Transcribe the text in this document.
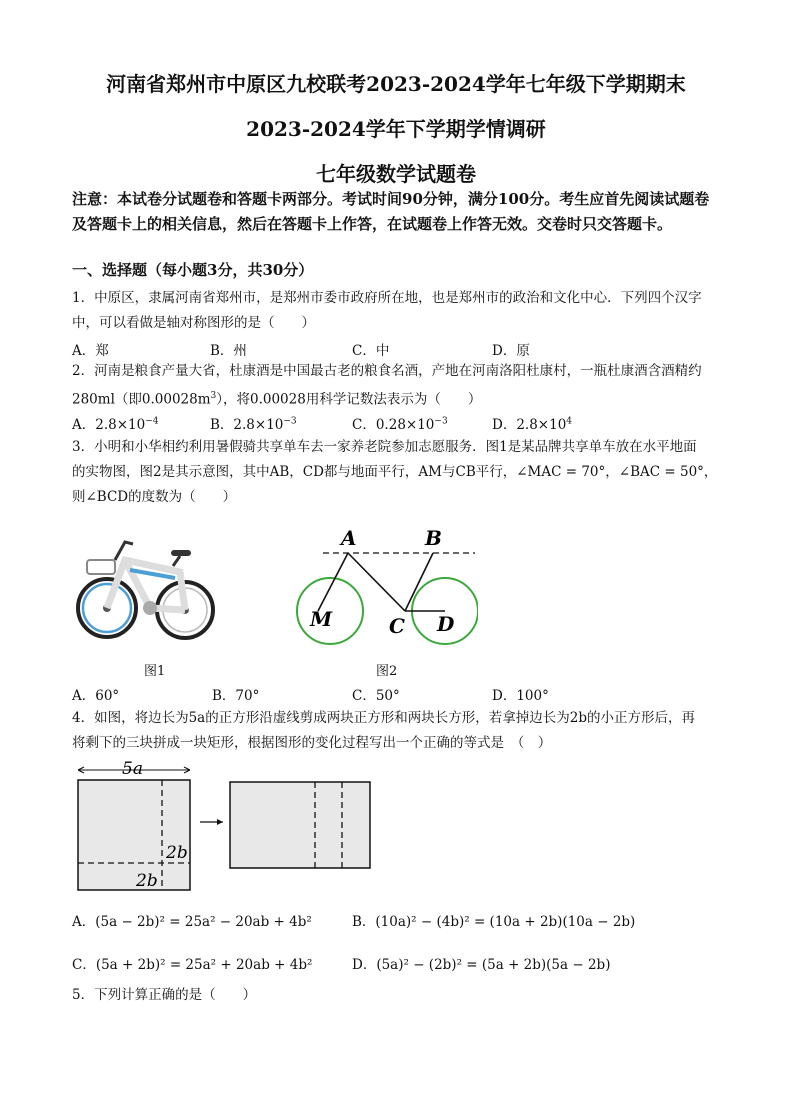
河南省郑州市中原区九校联考2023-2024学年七年级下学期期末
2023-2024学年下学期学情调研
七年级数学试题卷
注意：本试卷分试题卷和答题卡两部分。考试时间90分钟，满分100分。考生应首先阅读试题卷及答题卡上的相关信息，然后在答题卡上作答，在试题卷上作答无效。交卷时只交答题卡。
一、选择题（每小题3分，共30分）
1．中原区，隶属河南省郑州市，是郑州市委市政府所在地，也是郑州市的政治和文化中心．下列四个汉字中，可以看做是轴对称图形的是（　　）
A．郑	B．州	C．中	D．原
2．河南是粮食产量大省，杜康酒是中国最古老的粮食名酒，产地在河南洛阳杜康村，一瓶杜康酒含酒精约
280ml（即$0.00028m^3$），将0.00028用科学记数法表示为（　　）
A．$2.8\times 10^{-4}$	B．$2.8\times 10^{-3}$	C．$0.28\times 10^{-3}$	D．$2.8\times 10^4$
3．小明和小华相约利用暑假骑共享单车去一家养老院参加志愿服务．图1是某品牌共享单车放在水平地面
的实物图，图2是其示意图，其中AB，CD都与地面平行，AM与CB平行，∠MAC = 70°，∠BAC = 50°，
则∠BCD的度数为（　　）
图1
A	B
M	C D
图2
A．60°	B．70°	C．50°	D．100°
4．如图，将边长为5a的正方形沿虚线剪成两块正方形和两块长方形，若拿掉边长为2b的小正方形后，再
将剩下的三块拼成一块矩形，根据图形的变化过程写出一个正确的等式是　（　）
5a
2b
2b
A．(5a − 2b)² = 25a² − 20ab + 4b²	B．(10a)² − (4b)² = (10a + 2b)(10a − 2b)
C．(5a + 2b)² = 25a² + 20ab + 4b²	D．(5a)² − (2b)² = (5a + 2b)(5a − 2b)
5．下列计算正确的是（　　）
